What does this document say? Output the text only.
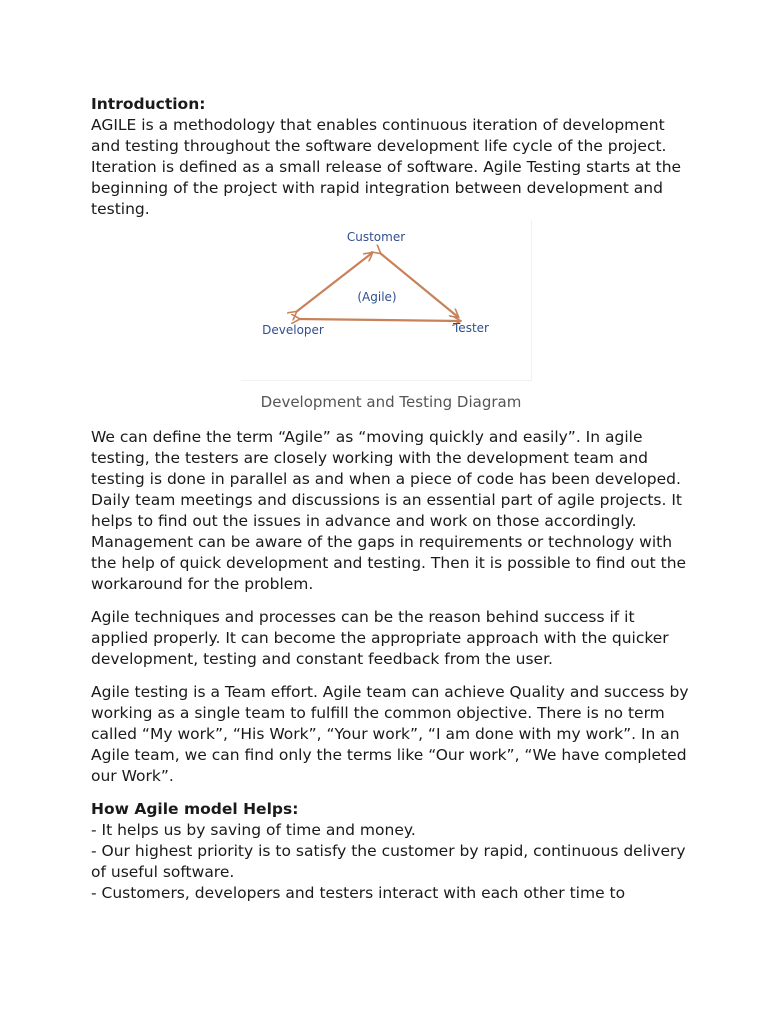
Introduction:

AGILE is a methodology that enables continuous iteration of development and testing throughout the software development life cycle of the project. Iteration is defined as a small release of software. Agile Testing starts at the beginning of the project with rapid integration between development and testing.

Customer
(Agile)
Developer	Tester

Development and Testing Diagram

We can define the term “Agile” as “moving quickly and easily”. In agile testing, the testers are closely working with the development team and testing is done in parallel as and when a piece of code has been developed. Daily team meetings and discussions is an essential part of agile projects. It helps to find out the issues in advance and work on those accordingly. Management can be aware of the gaps in requirements or technology with the help of quick development and testing. Then it is possible to find out the workaround for the problem.

Agile techniques and processes can be the reason behind success if it applied properly. It can become the appropriate approach with the quicker development, testing and constant feedback from the user.

Agile testing is a Team effort. Agile team can achieve Quality and success by working as a single team to fulfill the common objective. There is no term called “My work”, “His Work”, “Your work”, “I am done with my work”. In an Agile team, we can find only the terms like “Our work”, “We have completed our Work”.

How Agile model Helps:

- It helps us by saving of time and money.
- Our highest priority is to satisfy the customer by rapid, continuous delivery of useful software.
- Customers, developers and testers interact with each other time to
